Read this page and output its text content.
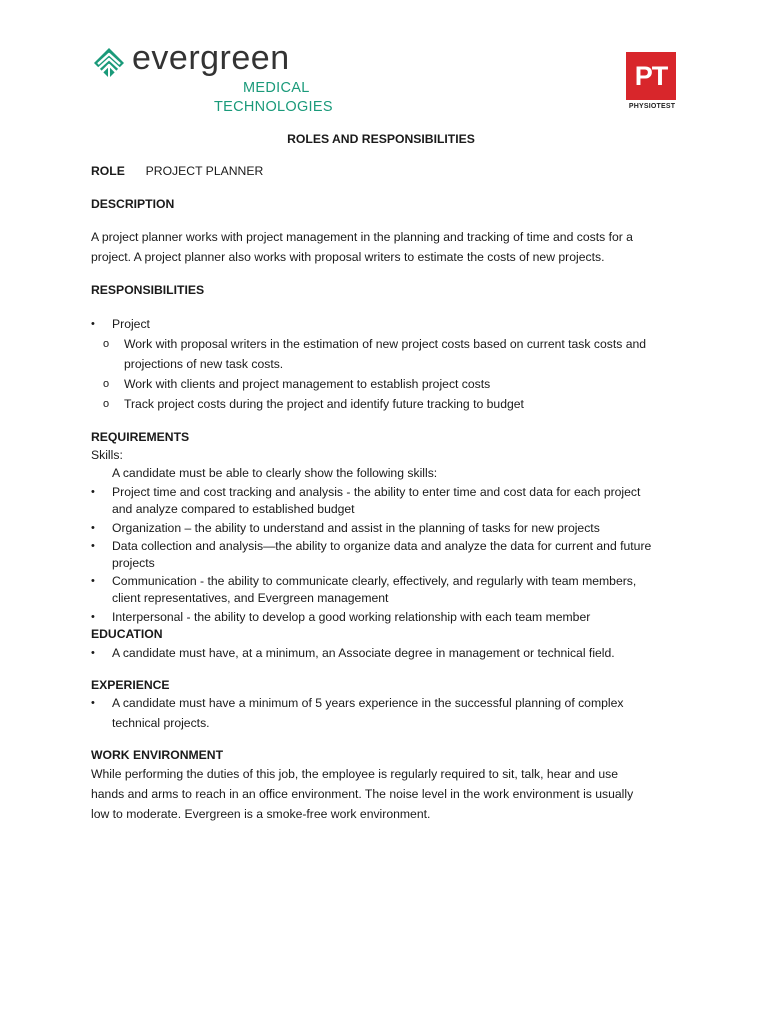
evergreen
MEDICAL
TECHNOLOGIES
PT
PHYSIOTEST
ROLES AND RESPONSIBILITIES
ROLE PROJECT PLANNER
DESCRIPTION
A project planner works with project management in the planning and tracking of time and costs for a
project. A project planner also works with proposal writers to estimate the costs of new projects.
RESPONSIBILITIES
• Project
o Work with proposal writers in the estimation of new project costs based on current task costs and
projections of new task costs.
o Work with clients and project management to establish project costs
o Track project costs during the project and identify future tracking to budget
REQUIREMENTS
Skills:
A candidate must be able to clearly show the following skills:
• Project time and cost tracking and analysis - the ability to enter time and cost data for each project
and analyze compared to established budget
• Organization – the ability to understand and assist in the planning of tasks for new projects
• Data collection and analysis—the ability to organize data and analyze the data for current and future
projects
• Communication - the ability to communicate clearly, effectively, and regularly with team members,
client representatives, and Evergreen management
• Interpersonal - the ability to develop a good working relationship with each team member
EDUCATION
• A candidate must have, at a minimum, an Associate degree in management or technical field.
EXPERIENCE
• A candidate must have a minimum of 5 years experience in the successful planning of complex
technical projects.
WORK ENVIRONMENT
While performing the duties of this job, the employee is regularly required to sit, talk, hear and use
hands and arms to reach in an office environment. The noise level in the work environment is usually
low to moderate. Evergreen is a smoke-free work environment.
